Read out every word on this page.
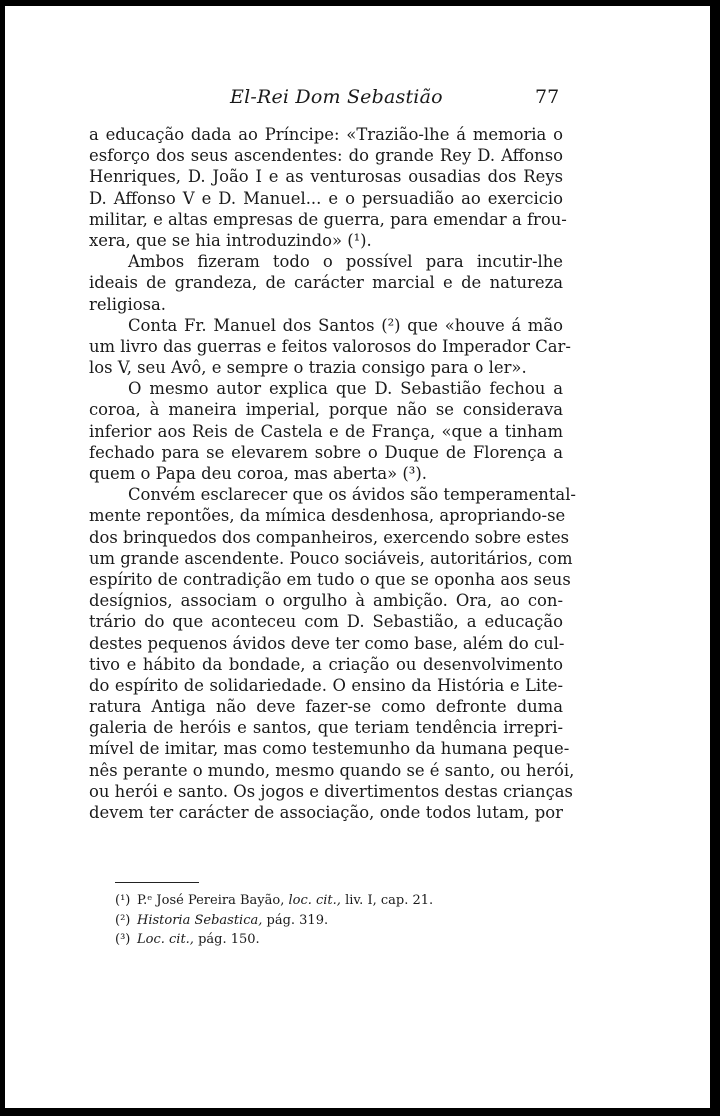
El-Rei Dom Sebastião	77
a educação dada ao Príncipe: «Trazião-lhe á memoria o
esforço dos seus ascendentes: do grande Rey D. Affonso
Henriques, D. João I e as venturosas ousadias dos Reys
D. Affonso V e D. Manuel... e o persuadião ao exercicio
militar, e altas empresas de guerra, para emendar a frou-
xera, que se hia introduzindo» (¹).
Ambos fizeram todo o possível para incutir-lhe
ideais de grandeza, de carácter marcial e de natureza
religiosa.
Conta Fr. Manuel dos Santos (²) que «houve á mão
um livro das guerras e feitos valorosos do Imperador Car-
los V, seu Avô, e sempre o trazia consigo para o ler».
O mesmo autor explica que D. Sebastião fechou a
coroa, à maneira imperial, porque não se considerava
inferior aos Reis de Castela e de França, «que a tinham
fechado para se elevarem sobre o Duque de Florença a
quem o Papa deu coroa, mas aberta» (³).
Convém esclarecer que os ávidos são temperamental-
mente repontões, da mímica desdenhosa, apropriando-se
dos brinquedos dos companheiros, exercendo sobre estes
um grande ascendente. Pouco sociáveis, autoritários, com
espírito de contradição em tudo o que se oponha aos seus
desígnios, associam o orgulho à ambição. Ora, ao con-
trário do que aconteceu com D. Sebastião, a educação
destes pequenos ávidos deve ter como base, além do cul-
tivo e hábito da bondade, a criação ou desenvolvimento
do espírito de solidariedade. O ensino da História e Lite-
ratura Antiga não deve fazer-se como defronte duma
galeria de heróis e santos, que teriam tendência irrepri-
mível de imitar, mas como testemunho da humana peque-
nês perante o mundo, mesmo quando se é santo, ou herói,
ou herói e santo. Os jogos e divertimentos destas crianças
devem ter carácter de associação, onde todos lutam, por
(¹) P.ᵉ José Pereira Bayão, loc. cit., liv. I, cap. 21.
(²) Historia Sebastica, pág. 319.
(³) Loc. cit., pág. 150.
